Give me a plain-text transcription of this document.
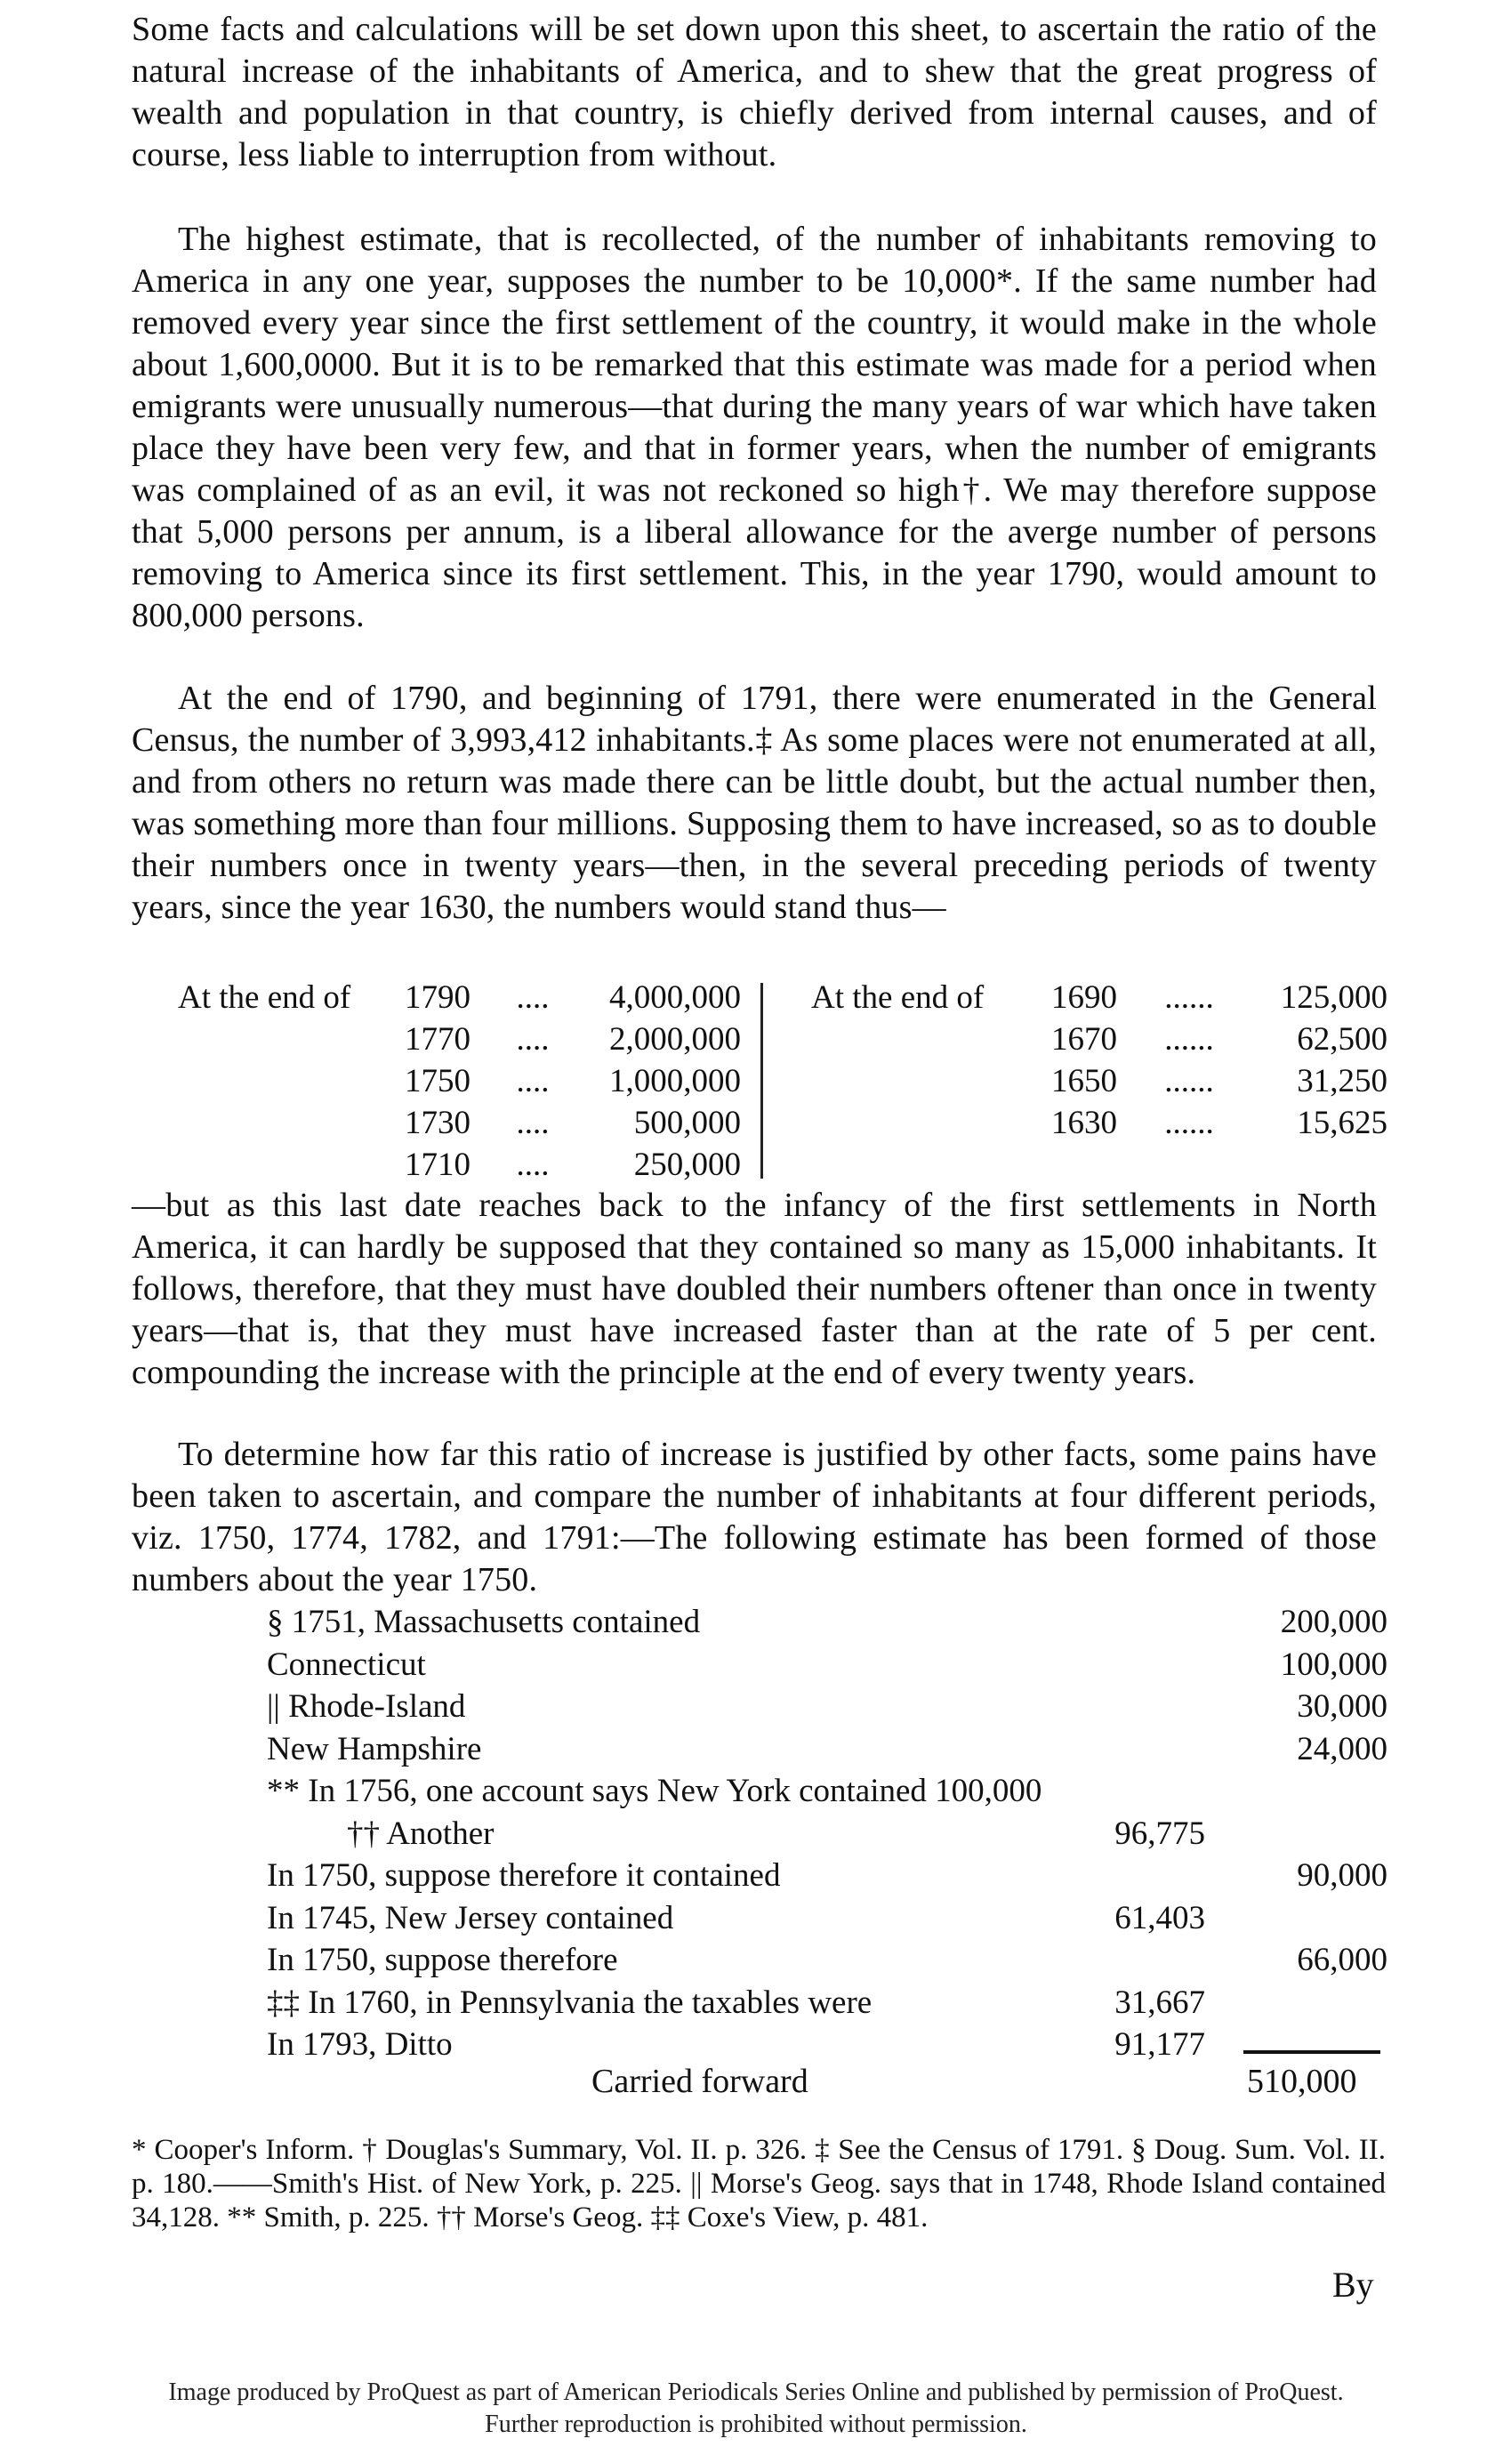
Some facts and calculations will be set down upon this sheet, to ascertain the ratio of the natural increase of the inhabitants of America, and to shew that the great progress of wealth and population in that country, is chiefly derived from internal causes, and of course, less liable to interruption from without.

The highest estimate, that is recollected, of the number of inhabitants removing to America in any one year, supposes the number to be 10,000*. If the same number had removed every year since the first settlement of the country, it would make in the whole about 1,600,0000. But it is to be remarked that this estimate was made for a period when emigrants were unusually numerous—that during the many years of war which have taken place they have been very few, and that in former years, when the number of emigrants was complained of as an evil, it was not reckoned so high†. We may therefore suppose that 5,000 persons per annum, is a liberal allowance for the averge number of persons removing to America since its first settlement. This, in the year 1790, would amount to 800,000 persons.

At the end of 1790, and beginning of 1791, there were enumerated in the General Census, the number of 3,993,412 inhabitants.‡ As some places were not enumerated at all, and from others no return was made there can be little doubt, but the actual number then, was something more than four millions. Supposing them to have increased, so as to double their numbers once in twenty years—then, in the several preceding periods of twenty years, since the year 1630, the numbers would stand thus—

At the end of	1790	....	4,000,000
1770	....	2,000,000
1750	....	1,000,000
1730	....	500,000
1710	....	250,000
At the end of	1690	......	125,000
1670	......	62,500
1650	......	31,250
1630	......	15,625

—but as this last date reaches back to the infancy of the first settlements in North America, it can hardly be supposed that they contained so many as 15,000 inhabitants. It follows, therefore, that they must have doubled their numbers oftener than once in twenty years—that is, that they must have increased faster than at the rate of 5 per cent. compounding the increase with the principle at the end of every twenty years.

To determine how far this ratio of increase is justified by other facts, some pains have been taken to ascertain, and compare the number of inhabitants at four different periods, viz. 1750, 1774, 1782, and 1791:—The following estimate has been formed of those numbers about the year 1750.

§ 1751, Massachusetts contained	200,000
Connecticut	100,000
|| Rhode-Island	30,000
New Hampshire	24,000
** In 1756, one account says New York contained 100,000
†† Another	96,775
In 1750, suppose therefore it contained	90,000
In 1745, New Jersey contained	61,403
In 1750, suppose therefore	66,000
‡‡ In 1760, in Pennsylvania the taxables were	31,667
In 1793, Ditto	91,177
Carried forward	510,000

* Cooper's Inform. † Douglas's Summary, Vol. II. p. 326. ‡ See the Census of 1791. § Doug. Sum. Vol. II. p. 180.——Smith's Hist. of New York, p. 225. || Morse's Geog. says that in 1748, Rhode Island contained 34,128. ** Smith, p. 225. †† Morse's Geog. ‡‡ Coxe's View, p. 481.

By
Image produced by ProQuest as part of American Periodicals Series Online and published by permission of ProQuest.
Further reproduction is prohibited without permission.
